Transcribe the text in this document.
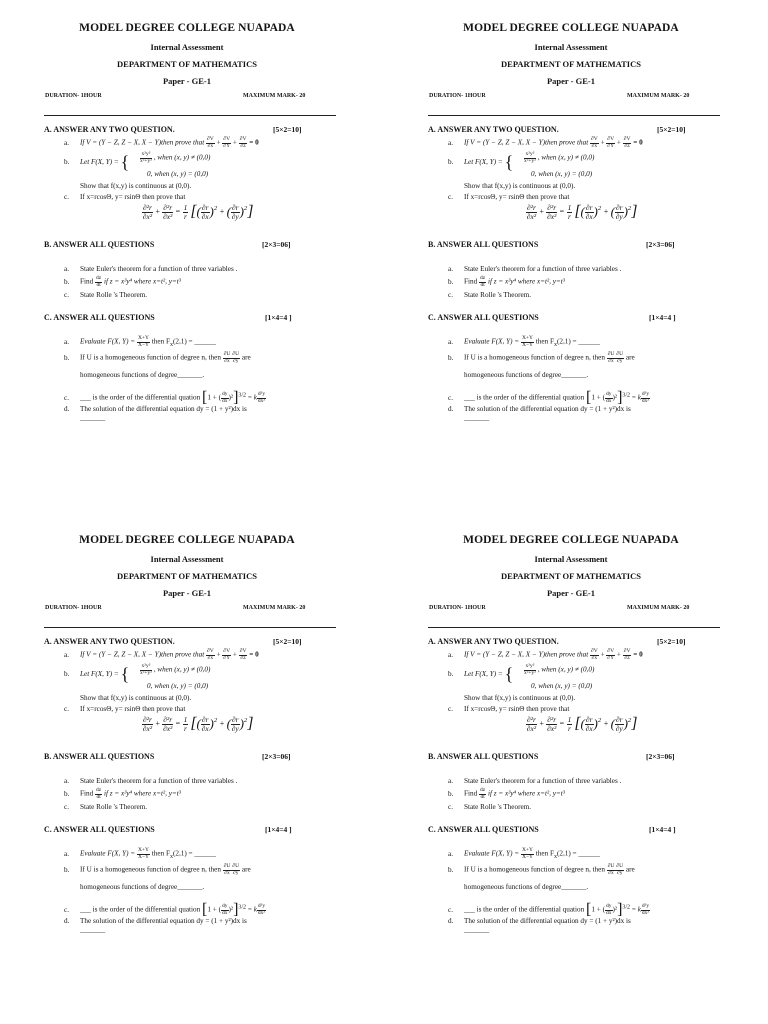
MODEL DEGREE COLLEGE NUAPADA
Internal Assessment
DEPARTMENT OF MATHEMATICS
Paper - GE-1
DURATION- 1HOUR	MAXIMUM MARK- 20
A. ANSWER ANY TWO QUESTION.	[5×2=10]
a. If V = (Y − Z, Z − X, X − Y)then prove that $\frac{\partial V}{\partial x} + \frac{\partial V}{\partial Y} + \frac{\partial V}{\partial z} = 0$
b. Let F(X, Y) = { $\frac{\text{x²y²}}{\text{x²+y²}}$ , when (x, y) ≠ (0,0)
0, when (x, y) = (0,0)
Show that f(x,y) is continuous at (0,0).
c. If x=rcosΘ, y= rsinΘ then prove that
$\frac{\text{∂²r}}{\text{∂x²}} + \frac{\text{∂²r}}{\text{∂x²}} = \frac{1}{r}$ [( $\frac{\partial r}{\partial x} )^2$ + ( $\frac{\partial r}{\partial y} )^2$]
B. ANSWER ALL QUESTIONS	[2×3=06]
a. State Euler's theorem for a function of three variables .
b. Find $\frac{dz}{dt}$ if z = x³y⁴ where x=t², y=t³
c. State Rolle 's Theorem.
C. ANSWER ALL QUESTIONS	[1×4=4 ]
a. Evaluate F(X, $Y) = \frac{X+Y}{X-Y}$ then $F_x(2,1)$ = ______
b. If U is a homogeneous function of degree n, then $\frac{\partial U}{\partial x} \frac{\partial U}{\partial y}$ are
homogeneous functions of degree_______.
c. ___ is the order of the differential quation [1 + ( $\frac{dy}{dx} )^2]^{3/2} = k \frac{\text{d²y}}{\text{dx²}}$
d. The solution of the differential equation dy = (1 + y²)dx is
_______
MODEL DEGREE COLLEGE NUAPADA
Internal Assessment
DEPARTMENT OF MATHEMATICS
Paper - GE-1
DURATION- 1HOUR	MAXIMUM MARK- 20
A. ANSWER ANY TWO QUESTION.	[5×2=10]
a. If V = (Y − Z, Z − X, X − Y)then prove that $\frac{\partial V}{\partial x} + \frac{\partial V}{\partial Y} + \frac{\partial V}{\partial z} = 0$
b. Let F(X, Y) = { $\frac{\text{x²y²}}{\text{x²+y²}}$ , when (x, y) ≠ (0,0)
0, when (x, y) = (0,0)
Show that f(x,y) is continuous at (0,0).
c. If x=rcosΘ, y= rsinΘ then prove that
$\frac{\text{∂²r}}{\text{∂x²}} + \frac{\text{∂²r}}{\text{∂x²}} = \frac{1}{r}$ [( $\frac{\partial r}{\partial x} )^2$ + ( $\frac{\partial r}{\partial y} )^2$]
B. ANSWER ALL QUESTIONS	[2×3=06]
a. State Euler's theorem for a function of three variables .
b. Find $\frac{dz}{dt}$ if z = x³y⁴ where x=t², y=t³
c. State Rolle 's Theorem.
C. ANSWER ALL QUESTIONS	[1×4=4 ]
a. Evaluate F(X, $Y) = \frac{X+Y}{X-Y}$ then $F_x(2,1)$ = ______
b. If U is a homogeneous function of degree n, then $\frac{\partial U}{\partial x} \frac{\partial U}{\partial y}$ are
homogeneous functions of degree_______.
c. ___ is the order of the differential quation [1 + ( $\frac{dy}{dx} )^2]^{3/2} = k \frac{\text{d²y}}{\text{dx²}}$
d. The solution of the differential equation dy = (1 + y²)dx is
_______
MODEL DEGREE COLLEGE NUAPADA
Internal Assessment
DEPARTMENT OF MATHEMATICS
Paper - GE-1
DURATION- 1HOUR	MAXIMUM MARK- 20
A. ANSWER ANY TWO QUESTION.	[5×2=10]
a. If V = (Y − Z, Z − X, X − Y)then prove that $\frac{\partial V}{\partial x} + \frac{\partial V}{\partial Y} + \frac{\partial V}{\partial z} = 0$
b. Let F(X, Y) = { $\frac{\text{x²y²}}{\text{x²+y²}}$ , when (x, y) ≠ (0,0)
0, when (x, y) = (0,0)
Show that f(x,y) is continuous at (0,0).
c. If x=rcosΘ, y= rsinΘ then prove that
$\frac{\text{∂²r}}{\text{∂x²}} + \frac{\text{∂²r}}{\text{∂x²}} = \frac{1}{r}$ [( $\frac{\partial r}{\partial x} )^2$ + ( $\frac{\partial r}{\partial y} )^2$]
B. ANSWER ALL QUESTIONS	[2×3=06]
a. State Euler's theorem for a function of three variables .
b. Find $\frac{dz}{dt}$ if z = x³y⁴ where x=t², y=t³
c. State Rolle 's Theorem.
C. ANSWER ALL QUESTIONS	[1×4=4 ]
a. Evaluate F(X, $Y) = \frac{X+Y}{X-Y}$ then $F_x(2,1)$ = ______
b. If U is a homogeneous function of degree n, then $\frac{\partial U}{\partial x} \frac{\partial U}{\partial y}$ are
homogeneous functions of degree_______.
c. ___ is the order of the differential quation [1 + ( $\frac{dy}{dx} )^2]^{3/2} = k \frac{\text{d²y}}{\text{dx²}}$
d. The solution of the differential equation dy = (1 + y²)dx is
_______
MODEL DEGREE COLLEGE NUAPADA
Internal Assessment
DEPARTMENT OF MATHEMATICS
Paper - GE-1
DURATION- 1HOUR	MAXIMUM MARK- 20
A. ANSWER ANY TWO QUESTION.	[5×2=10]
a. If V = (Y − Z, Z − X, X − Y)then prove that $\frac{\partial V}{\partial x} + \frac{\partial V}{\partial Y} + \frac{\partial V}{\partial z} = 0$
b. Let F(X, Y) = { $\frac{\text{x²y²}}{\text{x²+y²}}$ , when (x, y) ≠ (0,0)
0, when (x, y) = (0,0)
Show that f(x,y) is continuous at (0,0).
c. If x=rcosΘ, y= rsinΘ then prove that
$\frac{\text{∂²r}}{\text{∂x²}} + \frac{\text{∂²r}}{\text{∂x²}} = \frac{1}{r}$ [( $\frac{\partial r}{\partial x} )^2$ + ( $\frac{\partial r}{\partial y} )^2$]
B. ANSWER ALL QUESTIONS	[2×3=06]
a. State Euler's theorem for a function of three variables .
b. Find $\frac{dz}{dt}$ if z = x³y⁴ where x=t², y=t³
c. State Rolle 's Theorem.
C. ANSWER ALL QUESTIONS	[1×4=4 ]
a. Evaluate F(X, $Y) = \frac{X+Y}{X-Y}$ then $F_x(2,1)$ = ______
b. If U is a homogeneous function of degree n, then $\frac{\partial U}{\partial x} \frac{\partial U}{\partial y}$ are
homogeneous functions of degree_______.
c. ___ is the order of the differential quation [1 + ( $\frac{dy}{dx} )^2]^{3/2} = k \frac{\text{d²y}}{\text{dx²}}$
d. The solution of the differential equation dy = (1 + y²)dx is
_______
